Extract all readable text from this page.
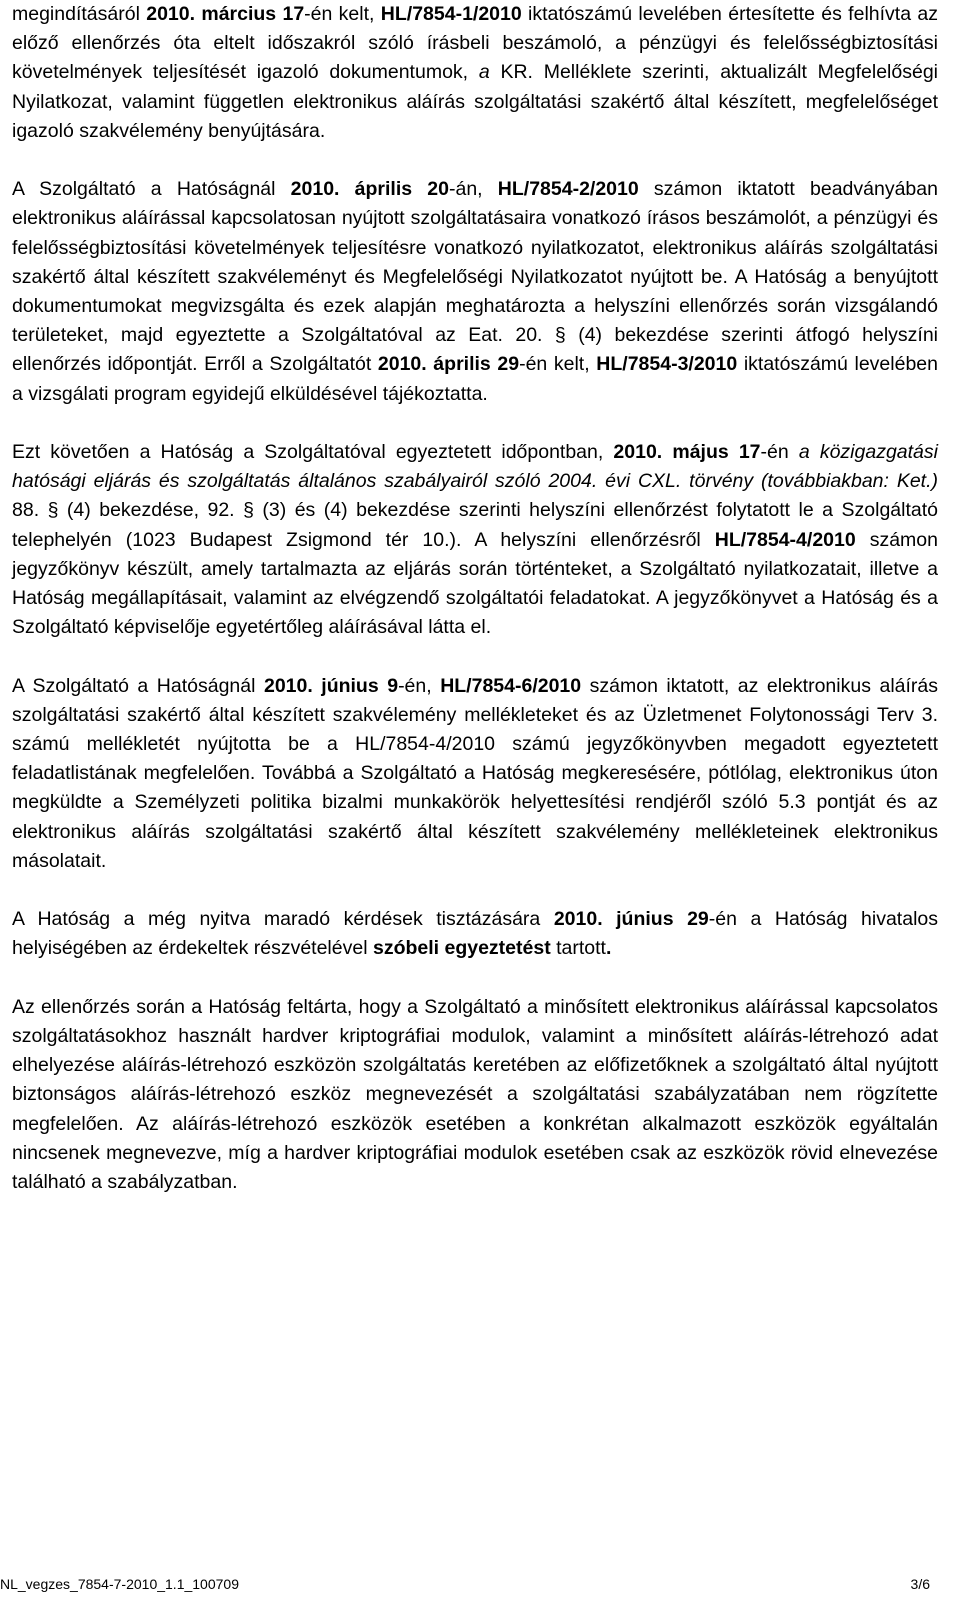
megindításáról 2010. március 17-én kelt, HL/7854-1/2010 iktatószámú levelében értesítette és felhívta az előző ellenőrzés óta eltelt időszakról szóló írásbeli beszámoló, a pénzügyi és felelősségbiztosítási követelmények teljesítését igazoló dokumentumok, a KR. Melléklete szerinti, aktualizált Megfelelőségi Nyilatkozat, valamint független elektronikus aláírás szolgáltatási szakértő által készített, megfelelőséget igazoló szakvélemény benyújtására.

A Szolgáltató a Hatóságnál 2010. április 20-án, HL/7854-2/2010 számon iktatott beadványában elektronikus aláírással kapcsolatosan nyújtott szolgáltatásaira vonatkozó írásos beszámolót, a pénzügyi és felelősségbiztosítási követelmények teljesítésre vonatkozó nyilatkozatot, elektronikus aláírás szolgáltatási szakértő által készített szakvéleményt és Megfelelőségi Nyilatkozatot nyújtott be. A Hatóság a benyújtott dokumentumokat megvizsgálta és ezek alapján meghatározta a helyszíni ellenőrzés során vizsgálandó területeket, majd egyeztette a Szolgáltatóval az Eat. 20. § (4) bekezdése szerinti átfogó helyszíni ellenőrzés időpontját. Erről a Szolgáltatót 2010. április 29-én kelt, HL/7854-3/2010 iktatószámú levelében a vizsgálati program egyidejű elküldésével tájékoztatta.

Ezt követően a Hatóság a Szolgáltatóval egyeztetett időpontban, 2010. május 17-én a közigazgatási hatósági eljárás és szolgáltatás általános szabályairól szóló 2004. évi CXL. törvény (továbbiakban: Ket.) 88. § (4) bekezdése, 92. § (3) és (4) bekezdése szerinti helyszíni ellenőrzést folytatott le a Szolgáltató telephelyén (1023 Budapest Zsigmond tér 10.). A helyszíni ellenőrzésről HL/7854-4/2010 számon jegyzőkönyv készült, amely tartalmazta az eljárás során történteket, a Szolgáltató nyilatkozatait, illetve a Hatóság megállapításait, valamint az elvégzendő szolgáltatói feladatokat. A jegyzőkönyvet a Hatóság és a Szolgáltató képviselője egyetértőleg aláírásával látta el.

A Szolgáltató a Hatóságnál 2010. június 9-én, HL/7854-6/2010 számon iktatott, az elektronikus aláírás szolgáltatási szakértő által készített szakvélemény mellékleteket és az Üzletmenet Folytonossági Terv 3. számú mellékletét nyújtotta be a HL/7854-4/2010 számú jegyzőkönyvben megadott egyeztetett feladatlistának megfelelően. Továbbá a Szolgáltató a Hatóság megkeresésére, pótlólag, elektronikus úton megküldte a Személyzeti politika bizalmi munkakörök helyettesítési rendjéről szóló 5.3 pontját és az elektronikus aláírás szolgáltatási szakértő által készített szakvélemény mellékleteinek elektronikus másolatait.

A Hatóság a még nyitva maradó kérdések tisztázására 2010. június 29-én a Hatóság hivatalos helyiségében az érdekeltek részvételével szóbeli egyeztetést tartott.

Az ellenőrzés során a Hatóság feltárta, hogy a Szolgáltató a minősített elektronikus aláírással kapcsolatos szolgáltatásokhoz használt hardver kriptográfiai modulok, valamint a minősített aláírás-létrehozó adat elhelyezése aláírás-létrehozó eszközön szolgáltatás keretében az előfizetőknek a szolgáltató által nyújtott biztonságos aláírás-létrehozó eszköz megnevezését a szolgáltatási szabályzatában nem rögzítette megfelelően. Az aláírás-létrehozó eszközök esetében a konkrétan alkalmazott eszközök egyáltalán nincsenek megnevezve, míg a hardver kriptográfiai modulok esetében csak az eszközök rövid elnevezése található a szabályzatban.

NL_vegzes_7854-7-2010_1.1_100709	3/6
